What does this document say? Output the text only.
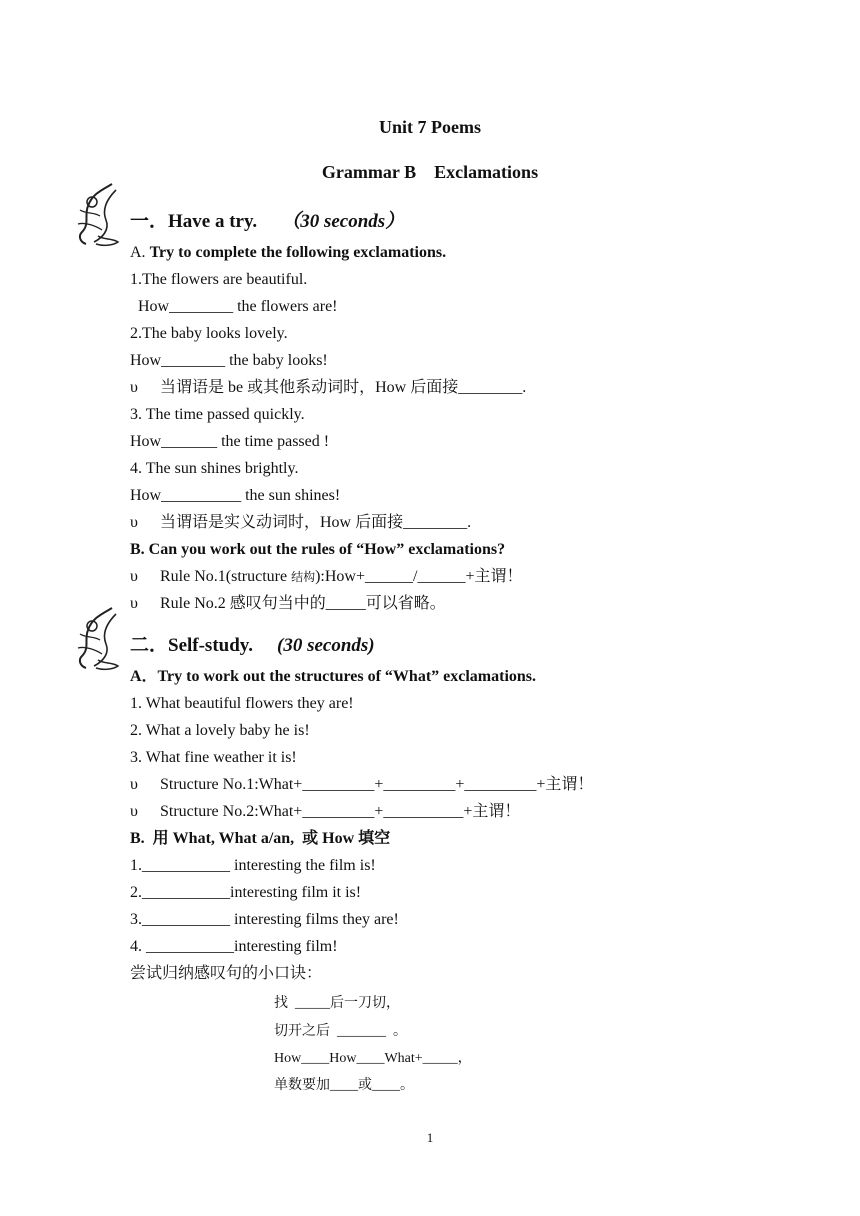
Unit 7 Poems
Grammar B    Exclamations
一．Have a try. （30 seconds）
A. Try to complete the following exclamations.
1.The flowers are beautiful.
How________ the flowers are!
2.The baby looks lovely.
How________ the baby looks!
υ 当谓语是 be 或其他系动词时，How 后面接________.
3. The time passed quickly.
How_______ the time passed !
4. The sun shines brightly.
How__________ the sun shines!
υ 当谓语是实义动词时，How 后面接________.
B. Can you work out the rules of “How” exclamations?
υ Rule No.1(structure 结构):How+______/______+主谓！
υ Rule No.2 感叹句当中的_____可以省略。
二．Self-study. (30 seconds)
A．Try to work out the structures of “What” exclamations.
1. What beautiful flowers they are!
2. What a lovely baby he is!
3. What fine weather it is!
υ Structure No.1:What+_________+_________+_________+主谓！
υ Structure No.2:What+_________+__________+主谓！
B.  用 What, What a/an,  或 How 填空
1.___________ interesting the film is!
2.___________interesting film it is!
3.___________ interesting films they are!
4. ___________interesting film!
尝试归纳感叹句的小口诀：
找  _____后一刀切，
切开之后  _______  。
How____How____What+_____，
单数要加____或____。
1
